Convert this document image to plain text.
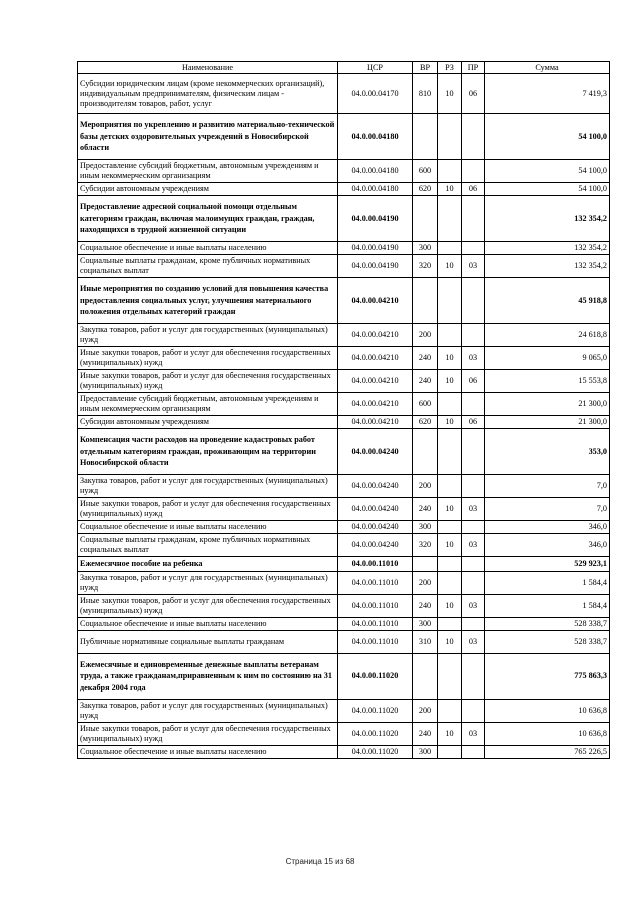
Наименование	ЦСР	ВР	РЗ	ПР	Сумма
Субсидии юридическим лицам (кроме некоммерческих организаций), индивидуальным предпринимателям, физическим лицам - производителям товаров, работ, услуг	04.0.00.04170	810	10	06	7 419,3
Мероприятия по укреплению и развитию материально-технической базы детских оздоровительных учреждений в Новосибирской области	04.0.00.04180				54 100,0
Предоставление субсидий бюджетным, автономным учреждениям и иным некоммерческим организациям	04.0.00.04180	600			54 100,0
Субсидии автономным учреждениям	04.0.00.04180	620	10	06	54 100,0
Предоставление адресной социальной помощи отдельным категориям граждан, включая малоимущих граждан, граждан, находящихся в трудной жизненной ситуации	04.0.00.04190				132 354,2
Социальное обеспечение и иные выплаты населению	04.0.00.04190	300			132 354,2
Социальные выплаты гражданам, кроме публичных нормативных социальных выплат	04.0.00.04190	320	10	03	132 354,2
Иные мероприятия по созданию условий для повышения качества предоставления социальных услуг, улучшения материального положения отдельных категорий граждан	04.0.00.04210				45 918,8
Закупка товаров, работ и услуг для государственных (муниципальных) нужд	04.0.00.04210	200			24 618,8
Иные закупки товаров, работ и услуг для обеспечения государственных (муниципальных) нужд	04.0.00.04210	240	10	03	9 065,0
Иные закупки товаров, работ и услуг для обеспечения государственных (муниципальных) нужд	04.0.00.04210	240	10	06	15 553,8
Предоставление субсидий бюджетным, автономным учреждениям и иным некоммерческим организациям	04.0.00.04210	600			21 300,0
Субсидии автономным учреждениям	04.0.00.04210	620	10	06	21 300,0
Компенсация части расходов на проведение кадастровых работ отдельным категориям граждан, проживающим на территории Новосибирской области	04.0.00.04240				353,0
Закупка товаров, работ и услуг для государственных (муниципальных) нужд	04.0.00.04240	200			7,0
Иные закупки товаров, работ и услуг для обеспечения государственных (муниципальных) нужд	04.0.00.04240	240	10	03	7,0
Социальное обеспечение и иные выплаты населению	04.0.00.04240	300			346,0
Социальные выплаты гражданам, кроме публичных нормативных социальных выплат	04.0.00.04240	320	10	03	346,0
Ежемесячное пособие на ребенка	04.0.00.11010				529 923,1
Закупка товаров, работ и услуг для государственных (муниципальных) нужд	04.0.00.11010	200			1 584,4
Иные закупки товаров, работ и услуг для обеспечения государственных (муниципальных) нужд	04.0.00.11010	240	10	03	1 584,4
Социальное обеспечение и иные выплаты населению	04.0.00.11010	300			528 338,7
Публичные нормативные социальные выплаты гражданам	04.0.00.11010	310	10	03	528 338,7
Ежемесячные и единовременные денежные выплаты ветеранам труда, а также гражданам,приравненным к ним по состоянию на 31 декабря 2004 года	04.0.00.11020				775 863,3
Закупка товаров, работ и услуг для государственных (муниципальных) нужд	04.0.00.11020	200			10 636,8
Иные закупки товаров, работ и услуг для обеспечения государственных (муниципальных) нужд	04.0.00.11020	240	10	03	10 636,8
Социальное обеспечение и иные выплаты населению	04.0.00.11020	300			765 226,5
Страница 15 из 68
